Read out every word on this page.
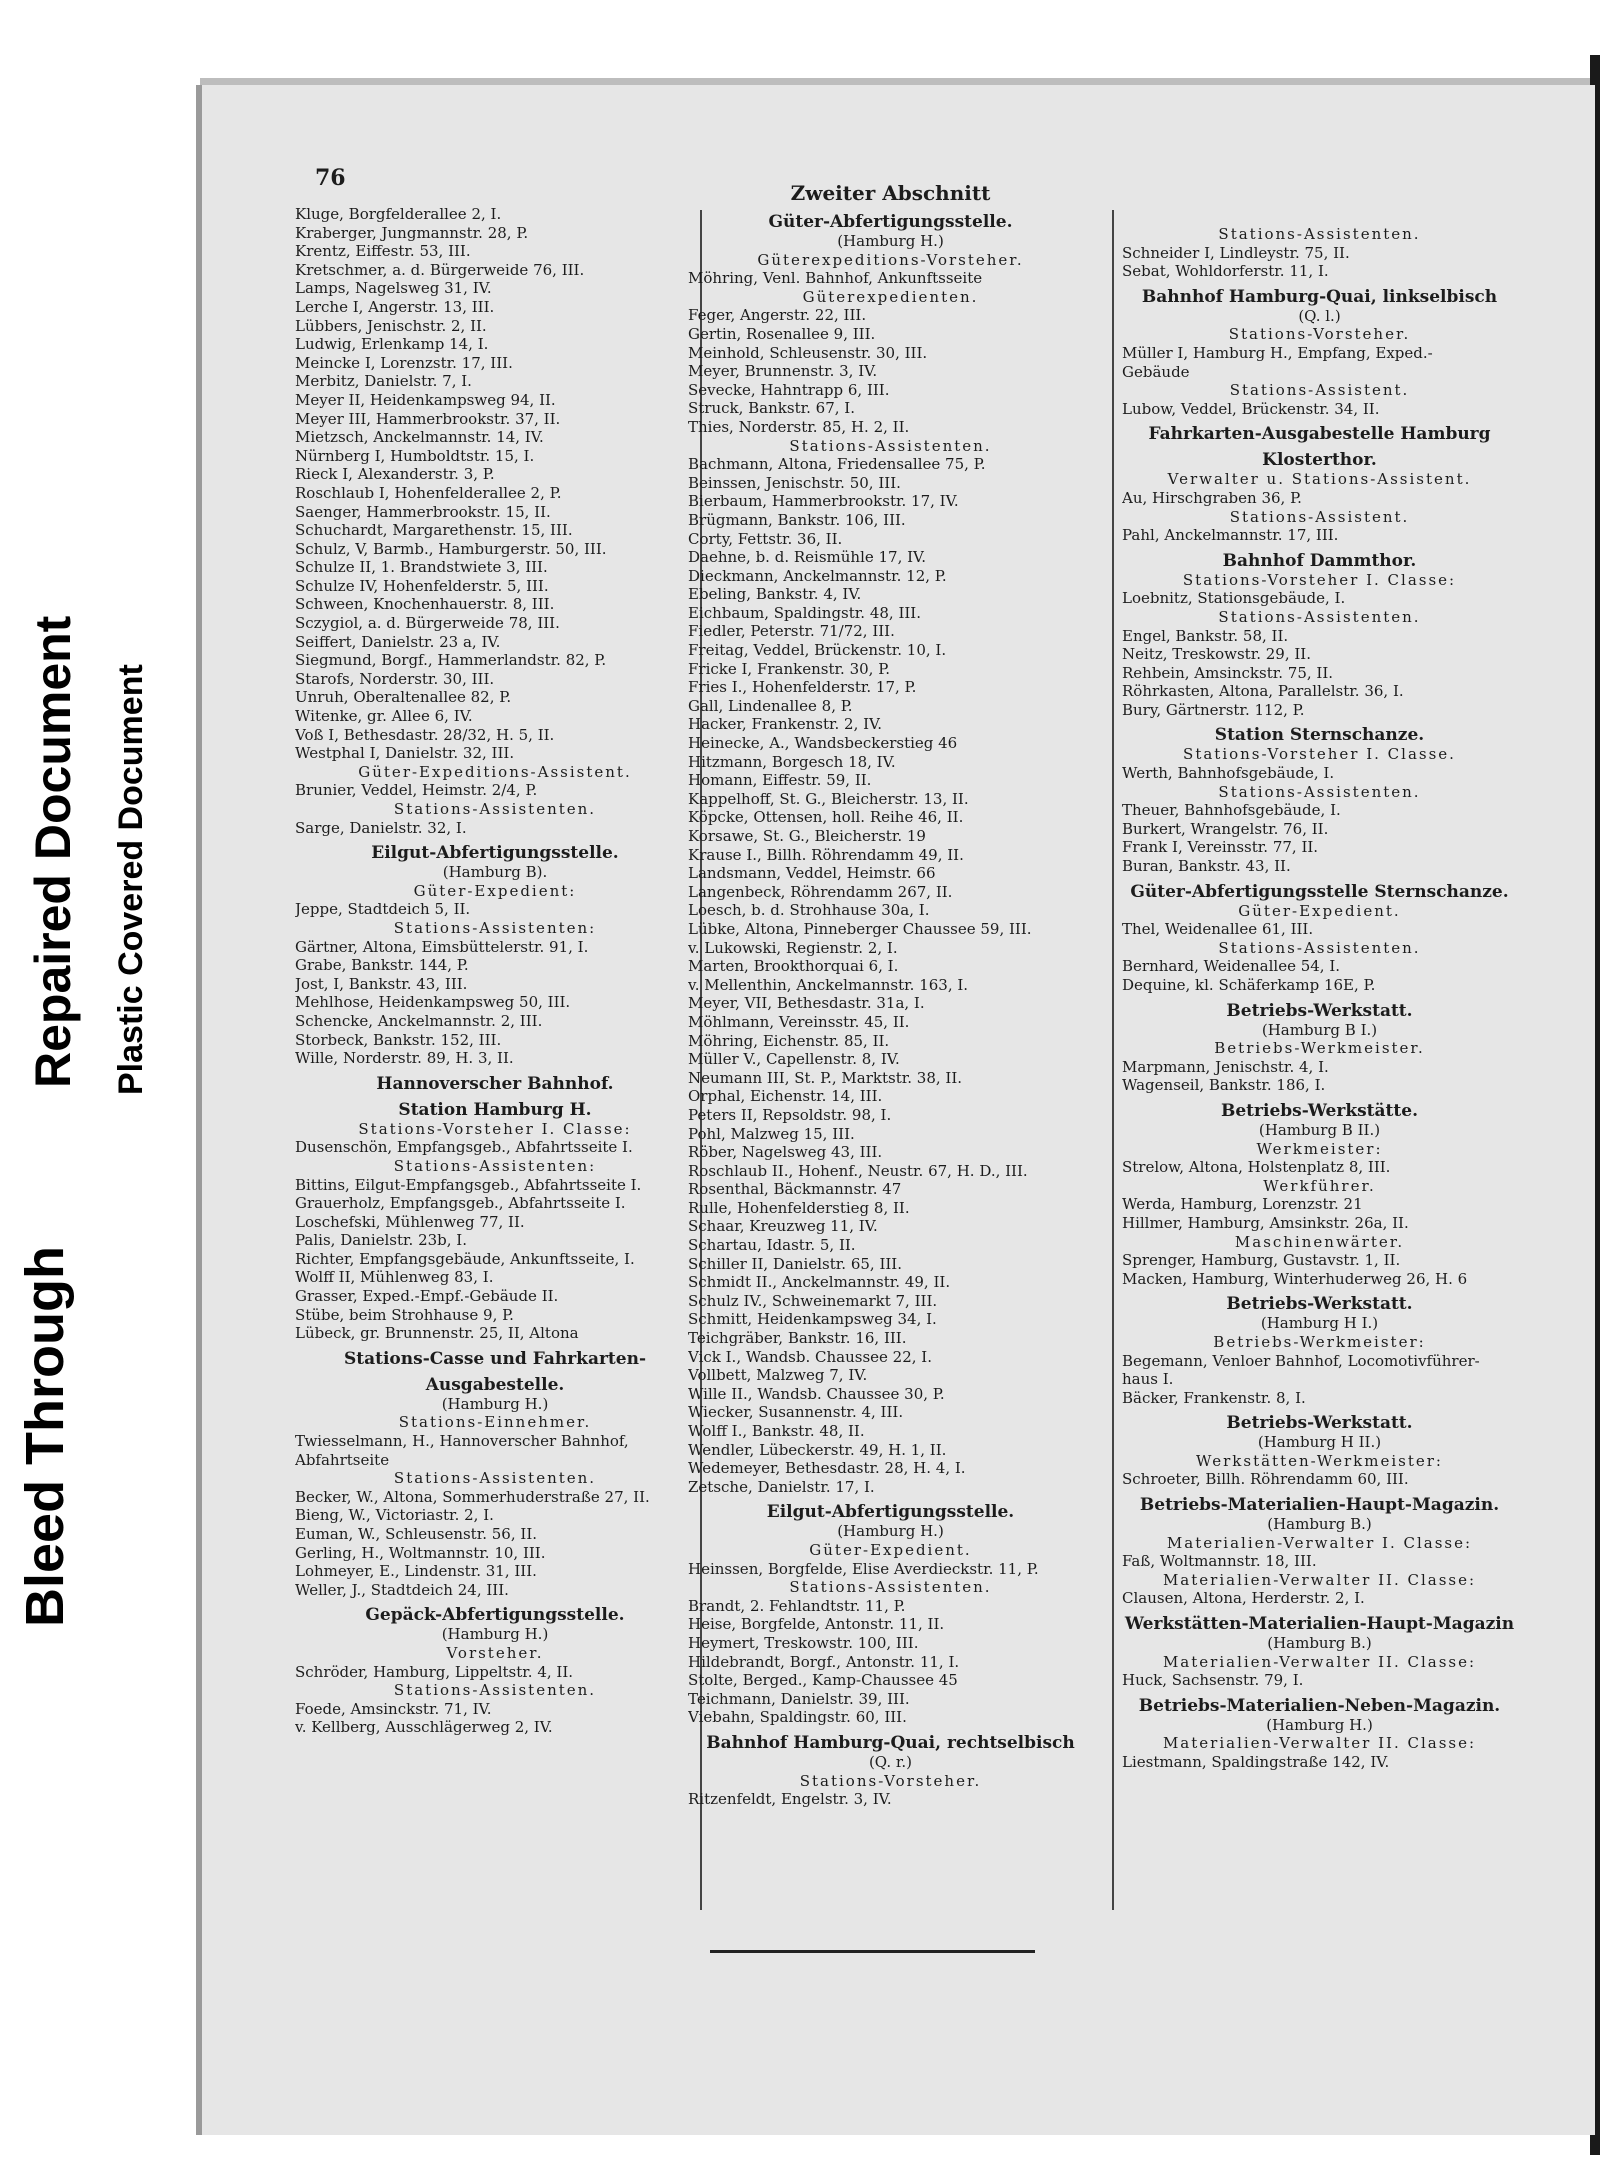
Bleed Through
Repaired Document Plastic Covered Document
76
Kluge, Borgfelderallee 2, I.
Kraberger, Jungmannstr. 28, P.
Krentz, Eiffestr. 53, III.
Kretschmer, a. d. Bürgerweide 76, III.
Lamps, Nagelsweg 31, IV.
Lerche I, Angerstr. 13, III.
Lübbers, Jenischstr. 2, II.
Ludwig, Erlenkamp 14, I.
Meincke I, Lorenzstr. 17, III.
Merbitz, Danielstr. 7, I.
Meyer II, Heidenkampsweg 94, II.
Meyer III, Hammerbrookstr. 37, II.
Mietzsch, Anckelmannstr. 14, IV.
Nürnberg I, Humboldtstr. 15, I.
Rieck I, Alexanderstr. 3, P.
Roschlaub I, Hohenfelderallee 2, P.
Saenger, Hammerbrookstr. 15, II.
Schuchardt, Margarethenstr. 15, III.
Schulz, V, Barmb., Hamburgerstr. 50, III.
Schulze II, 1. Brandstwiete 3, III.
Schulze IV, Hohenfelderstr. 5, III.
Schween, Knochenhauerstr. 8, III.
Sczygiol, a. d. Bürgerweide 78, III.
Seiffert, Danielstr. 23 a, IV.
Siegmund, Borgf., Hammerlandstr. 82, P.
Starofs, Norderstr. 30, III.
Unruh, Oberaltenallee 82, P.
Witenke, gr. Allee 6, IV.
Voß I, Bethesdastr. 28/32, H. 5, II.
Westphal I, Danielstr. 32, III.
Güter-Expeditions-Assistent.
Brunier, Veddel, Heimstr. 2/4, P.
Stations-Assistenten.
Sarge, Danielstr. 32, I.
Eilgut-Abfertigungsstelle.
(Hamburg B).
Güter-Expedient:
Jeppe, Stadtdeich 5, II.
Stations-Assistenten:
Gärtner, Altona, Eimsbüttelerstr. 91, I.
Grabe, Bankstr. 144, P.
Jost, I, Bankstr. 43, III.
Mehlhose, Heidenkampsweg 50, III.
Schencke, Anckelmannstr. 2, III.
Storbeck, Bankstr. 152, III.
Wille, Norderstr. 89, H. 3, II.
Hannoverscher Bahnhof.
Station Hamburg H.
Stations-Vorsteher I. Classe:
Dusenschön, Empfangsgeb., Abfahrtsseite I.
Stations-Assistenten:
Bittins, Eilgut-Empfangsgeb., Abfahrtsseite I.
Grauerholz, Empfangsgeb., Abfahrtsseite I.
Loschefski, Mühlenweg 77, II.
Palis, Danielstr. 23b, I.
Richter, Empfangsgebäude, Ankunftsseite, I.
Wolff II, Mühlenweg 83, I.
Grasser, Exped.-Empf.-Gebäude II.
Stübe, beim Strohhause 9, P.
Lübeck, gr. Brunnenstr. 25, II, Altona
Stations-Casse und Fahrkarten-
Ausgabestelle.
(Hamburg H.)
Stations-Einnehmer.
Twiesselmann, H., Hannoverscher Bahnhof,
Abfahrtseite
Stations-Assistenten.
Becker, W., Altona, Sommerhuderstraße 27, II.
Bieng, W., Victoriastr. 2, I.
Euman, W., Schleusenstr. 56, II.
Gerling, H., Woltmannstr. 10, III.
Lohmeyer, E., Lindenstr. 31, III.
Weller, J., Stadtdeich 24, III.
Gepäck-Abfertigungsstelle.
(Hamburg H.)
Vorsteher.
Schröder, Hamburg, Lippeltstr. 4, II.
Stations-Assistenten.
Foede, Amsinckstr. 71, IV.
v. Kellberg, Ausschlägerweg 2, IV.
Zweiter Abschnitt
Güter-Abfertigungsstelle.
(Hamburg H.)
Güterexpeditions-Vorsteher.
Möhring, Venl. Bahnhof, Ankunftsseite
Güterexpedienten.
Feger, Angerstr. 22, III.
Gertin, Rosenallee 9, III.
Meinhold, Schleusenstr. 30, III.
Meyer, Brunnenstr. 3, IV.
Sevecke, Hahntrapp 6, III.
Struck, Bankstr. 67, I.
Thies, Norderstr. 85, H. 2, II.
Stations-Assistenten.
Bachmann, Altona, Friedensallee 75, P.
Beinssen, Jenischstr. 50, III.
Bierbaum, Hammerbrookstr. 17, IV.
Brügmann, Bankstr. 106, III.
Corty, Fettstr. 36, II.
Daehne, b. d. Reismühle 17, IV.
Dieckmann, Anckelmannstr. 12, P.
Ebeling, Bankstr. 4, IV.
Eichbaum, Spaldingstr. 48, III.
Fiedler, Peterstr. 71/72, III.
Freitag, Veddel, Brückenstr. 10, I.
Fricke I, Frankenstr. 30, P.
Fries I., Hohenfelderstr. 17, P.
Gall, Lindenallee 8, P.
Hacker, Frankenstr. 2, IV.
Heinecke, A., Wandsbeckerstieg 46
Hitzmann, Borgesch 18, IV.
Homann, Eiffestr. 59, II.
Kappelhoff, St. G., Bleicherstr. 13, II.
Köpcke, Ottensen, holl. Reihe 46, II.
Korsawe, St. G., Bleicherstr. 19
Krause I., Billh. Röhrendamm 49, II.
Landsmann, Veddel, Heimstr. 66
Langenbeck, Röhrendamm 267, II.
Loesch, b. d. Strohhause 30a, I.
Lübke, Altona, Pinneberger Chaussee 59, III.
v. Lukowski, Regienstr. 2, I.
Marten, Brookthorquai 6, I.
v. Mellenthin, Anckelmannstr. 163, I.
Meyer, VII, Bethesdastr. 31a, I.
Möhlmann, Vereinsstr. 45, II.
Möhring, Eichenstr. 85, II.
Müller V., Capellenstr. 8, IV.
Neumann III, St. P., Marktstr. 38, II.
Orphal, Eichenstr. 14, III.
Peters II, Repsoldstr. 98, I.
Pohl, Malzweg 15, III.
Röber, Nagelsweg 43, III.
Roschlaub II., Hohenf., Neustr. 67, H. D., III.
Rosenthal, Bäckmannstr. 47
Rulle, Hohenfelderstieg 8, II.
Schaar, Kreuzweg 11, IV.
Schartau, Idastr. 5, II.
Schiller II, Danielstr. 65, III.
Schmidt II., Anckelmannstr. 49, II.
Schulz IV., Schweinemarkt 7, III.
Schmitt, Heidenkampsweg 34, I.
Teichgräber, Bankstr. 16, III.
Vick I., Wandsb. Chaussee 22, I.
Vollbett, Malzweg 7, IV.
Wille II., Wandsb. Chaussee 30, P.
Wiecker, Susannenstr. 4, III.
Wolff I., Bankstr. 48, II.
Wendler, Lübeckerstr. 49, H. 1, II.
Wedemeyer, Bethesdastr. 28, H. 4, I.
Zetsche, Danielstr. 17, I.
Eilgut-Abfertigungsstelle.
(Hamburg H.)
Güter-Expedient.
Heinssen, Borgfelde, Elise Averdieckstr. 11, P.
Stations-Assistenten.
Brandt, 2. Fehlandtstr. 11, P.
Heise, Borgfelde, Antonstr. 11, II.
Heymert, Treskowstr. 100, III.
Hildebrandt, Borgf., Antonstr. 11, I.
Stolte, Berged., Kamp-Chaussee 45
Teichmann, Danielstr. 39, III.
Viebahn, Spaldingstr. 60, III.
Bahnhof Hamburg-Quai, rechtselbisch
(Q. r.)
Stations-Vorsteher.
Ritzenfeldt, Engelstr. 3, IV.
Stations-Assistenten.
Schneider I, Lindleystr. 75, II.
Sebat, Wohldorferstr. 11, I.
Bahnhof Hamburg-Quai, linkselbisch
(Q. l.)
Stations-Vorsteher.
Müller I, Hamburg H., Empfang, Exped.-
Gebäude
Stations-Assistent.
Lubow, Veddel, Brückenstr. 34, II.
Fahrkarten-Ausgabestelle Hamburg
Klosterthor.
Verwalter u. Stations-Assistent.
Au, Hirschgraben 36, P.
Stations-Assistent.
Pahl, Anckelmannstr. 17, III.
Bahnhof Dammthor.
Stations-Vorsteher I. Classe:
Loebnitz, Stationsgebäude, I.
Stations-Assistenten.
Engel, Bankstr. 58, II.
Neitz, Treskowstr. 29, II.
Rehbein, Amsinckstr. 75, II.
Röhrkasten, Altona, Parallelstr. 36, I.
Bury, Gärtnerstr. 112, P.
Station Sternschanze.
Stations-Vorsteher I. Classe.
Werth, Bahnhofsgebäude, I.
Stations-Assistenten.
Theuer, Bahnhofsgebäude, I.
Burkert, Wrangelstr. 76, II.
Frank I, Vereinsstr. 77, II.
Buran, Bankstr. 43, II.
Güter-Abfertigungsstelle Sternschanze.
Güter-Expedient.
Thel, Weidenallee 61, III.
Stations-Assistenten.
Bernhard, Weidenallee 54, I.
Dequine, kl. Schäferkamp 16E, P.
Betriebs-Werkstatt.
(Hamburg B I.)
Betriebs-Werkmeister.
Marpmann, Jenischstr. 4, I.
Wagenseil, Bankstr. 186, I.
Betriebs-Werkstätte.
(Hamburg B II.)
Werkmeister:
Strelow, Altona, Holstenplatz 8, III.
Werkführer.
Werda, Hamburg, Lorenzstr. 21
Hillmer, Hamburg, Amsinkstr. 26a, II.
Maschinenwärter.
Sprenger, Hamburg, Gustavstr. 1, II.
Macken, Hamburg, Winterhuderweg 26, H. 6
Betriebs-Werkstatt.
(Hamburg H I.)
Betriebs-Werkmeister:
Begemann, Venloer Bahnhof, Locomotivführer-
haus I.
Bäcker, Frankenstr. 8, I.
Betriebs-Werkstatt.
(Hamburg H II.)
Werkstätten-Werkmeister:
Schroeter, Billh. Röhrendamm 60, III.
Betriebs-Materialien-Haupt-Magazin.
(Hamburg B.)
Materialien-Verwalter I. Classe:
Faß, Woltmannstr. 18, III.
Materialien-Verwalter II. Classe:
Clausen, Altona, Herderstr. 2, I.
Werkstätten-Materialien-Haupt-Magazin
(Hamburg B.)
Materialien-Verwalter II. Classe:
Huck, Sachsenstr. 79, I.
Betriebs-Materialien-Neben-Magazin.
(Hamburg H.)
Materialien-Verwalter II. Classe:
Liestmann, Spaldingstraße 142, IV.
